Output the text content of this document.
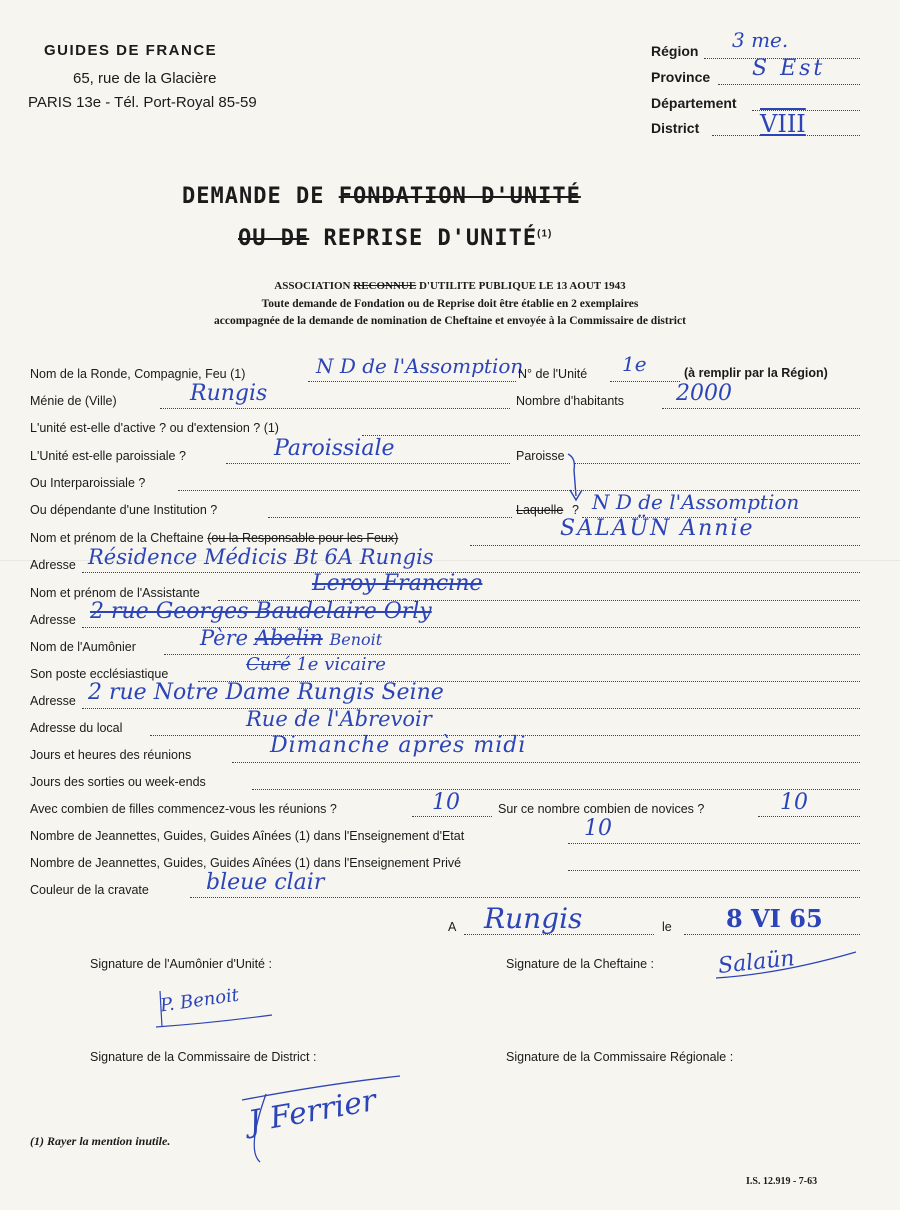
GUIDES DE FRANCE
65, rue de la Glacière
PARIS 13e - Tél. Port-Royal 85-59
Région 3 me.
Province S Est
Département
District	VIII
DEMANDE DE FONDATION D'UNITÉ
OU DE REPRISE D'UNITÉ$^{(1)}$
ASSOCIATION RECONNUE D'UTILITE PUBLIQUE LE 13 AOUT 1943
Toute demande de Fondation ou de Reprise doit être établie en 2 exemplaires
accompagnée de la demande de nomination de Cheftaine et envoyée à la Commissaire de district
Nom de la Ronde, Compagnie, Feu (1)	N D de l'Assomption
N° de l'Unité 1e	(à remplir par la Région)
Ménie de (Ville)	Rungis	Nombre d'habitants 2000
L'unité est-elle d'active ? ou d'extension ? (1)
L'Unité est-elle paroissiale ?	Paroissiale	Paroisse
Ou Interparoissiale ?
Ou dépendante d'une Institution ?	Laquelle ? N D de l'Assomption
Nom et prénom de la Cheftaine (ou la Responsable pour les Feux)	SALAÜN Annie
Adresse Résidence Médicis Bt 6A Rungis
Nom et prénom de l'Assistante	Leroy Francine
Adresse 2 rue Georges Baudelaire Orly
Nom de l'Aumônier	Père Abelin Benoit
Son poste ecclésiastique	Curé 1e vicaire
Adresse 2 rue Notre Dame Rungis Seine
Adresse du local	Rue de l'Abrevoir
Jours et heures des réunions	Dimanche après midi
Jours des sorties ou week-ends
Avec combien de filles commencez-vous les réunions ?	10	Sur ce nombre combien de novices ?	10
Nombre de Jeannettes, Guides, Guides Aînées (1) dans l'Enseignement d'Etat	10
Nombre de Jeannettes, Guides, Guides Aînées (1) dans l'Enseignement Privé
Couleur de la cravate	bleue clair
A Rungis	le 8 VI 65
Signature de l'Aumônier d'Unité :	Signature de la Cheftaine :
P. Benoit
Salaün
Signature de la Commissaire de District :	Signature de la Commissaire Régionale :
J Ferrier
(1) Rayer la mention inutile.
I.S. 12.919 - 7-63
